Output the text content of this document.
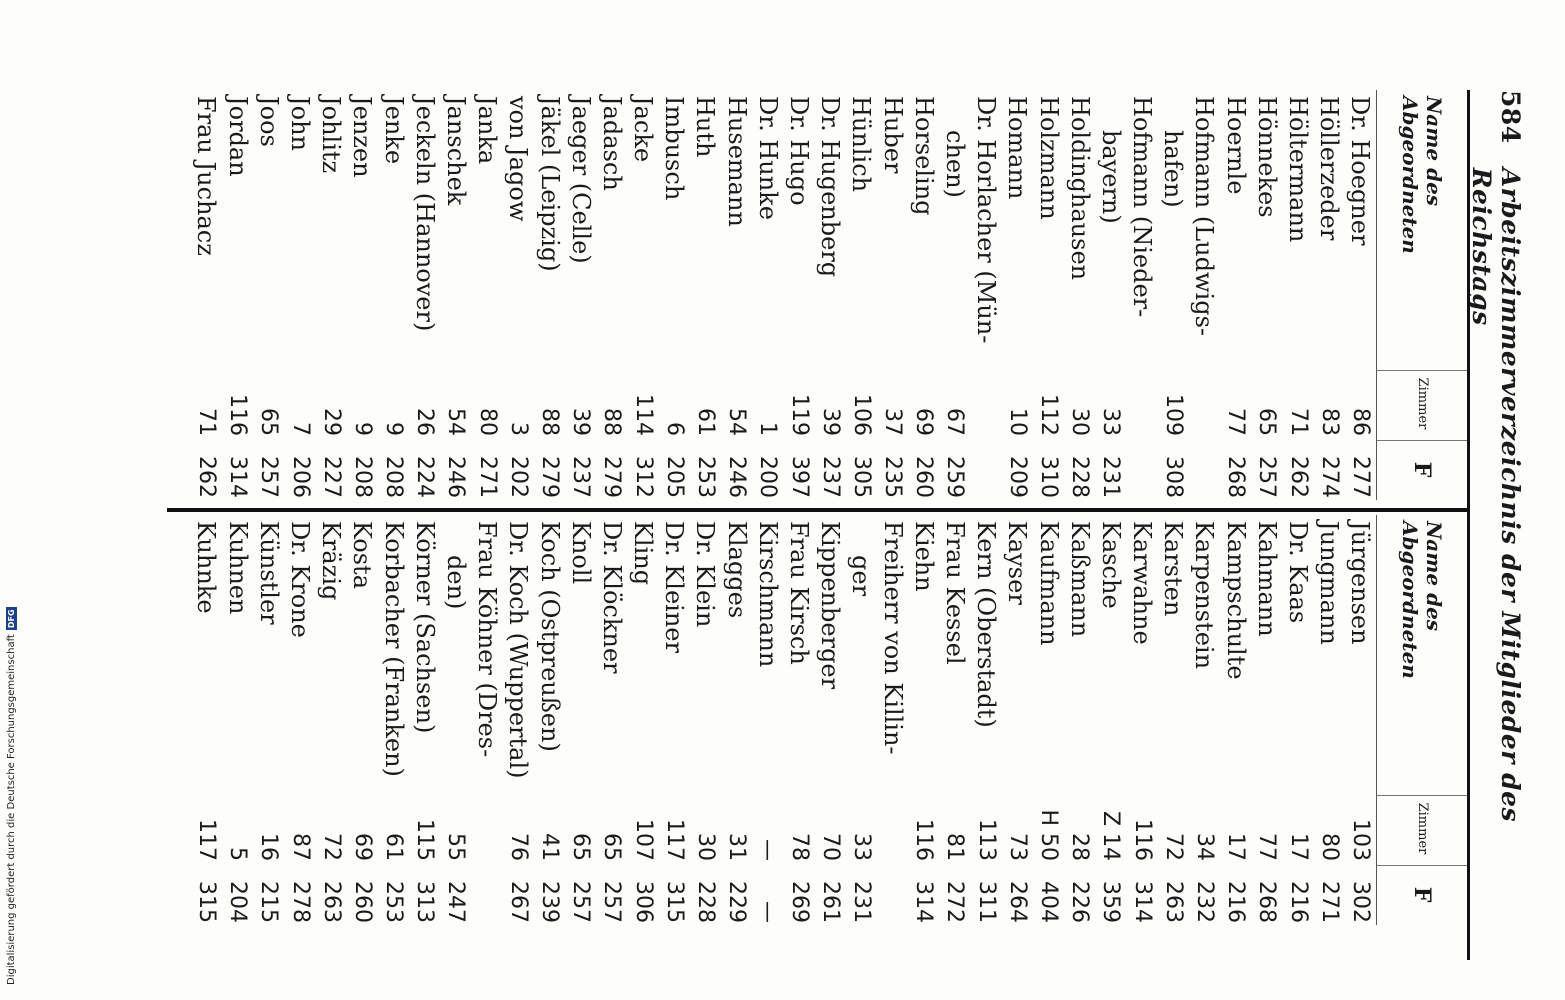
584
Arbeitszimmerverzeichnis der Mitglieder des Reichstags
Name des Abgeordneten
Zimmer
F
Dr. Hoegner
86
277
Höllerzeder
83
274
Höltermann
71
262
Hönnekes
65
257
Hoernle
77
268
Hofmann (Ludwigs-
hafen)
109
308
Hofmann (Nieder-
bayern)
33
231
Holdinghausen
30
228
Holzmann
112
310
Homann
10
209
Dr. Horlacher (Mün-
chen)
67
259
Horseling
69
260
Huber
37
235
Hünlich
106
305
Dr. Hugenberg
39
237
Dr. Hugo
119
397
Dr. Hunke
1
200
Husemann
54
246
Huth
61
253
Imbusch
6
205
Jacke
114
312
Jadasch
88
279
Jaeger (Celle)
39
237
Jäkel (Leipzig)
88
279
von Jagow
3
202
Janka
80
271
Janschek
54
246
Jeckeln (Hannover)
26
224
Jenke
9
208
Jenzen
9
208
Johlitz
29
227
John
7
206
Joos
65
257
Jordan
116
314
Frau Juchacz
71
262
Name des Abgeordneten
Zimmer
F
Jürgensen
103
302
Jungmann
80
271
Dr. Kaas
17
216
Kahmann
77
268
Kampschulte
17
216
Karpenstein
34
232
Karsten
72
263
Karwahne
116
314
Kasche
Z 14
359
Kaßmann
28
226
Kaufmann
H 50
404
Kayser
73
264
Kern (Oberstadt)
113
311
Frau Kessel
81
272
Kiehn
116
314
Freiherr von Killin-
ger
33
231
Kippenberger
70
261
Frau Kirsch
78
269
Kirschmann
—
—
Klagges
31
229
Dr. Klein
30
228
Dr. Kleiner
117
315
Kling
107
306
Dr. Klöckner
65
257
Knoll
65
257
Koch (Ostpreußen)
41
239
Dr. Koch (Wuppertal)
76
267
Frau Köhner (Dres-
den)
55
247
Körner (Sachsen)
115
313
Korbacher (Franken)
61
253
Kosta
69
260
Kräzig
72
263
Dr. Krone
87
278
Künstler
16
215
Kuhnen
5
204
Kuhnke
117
315
Digitalisierung gefördert durch die Deutsche Forschungsgemeinschaft
DFG
